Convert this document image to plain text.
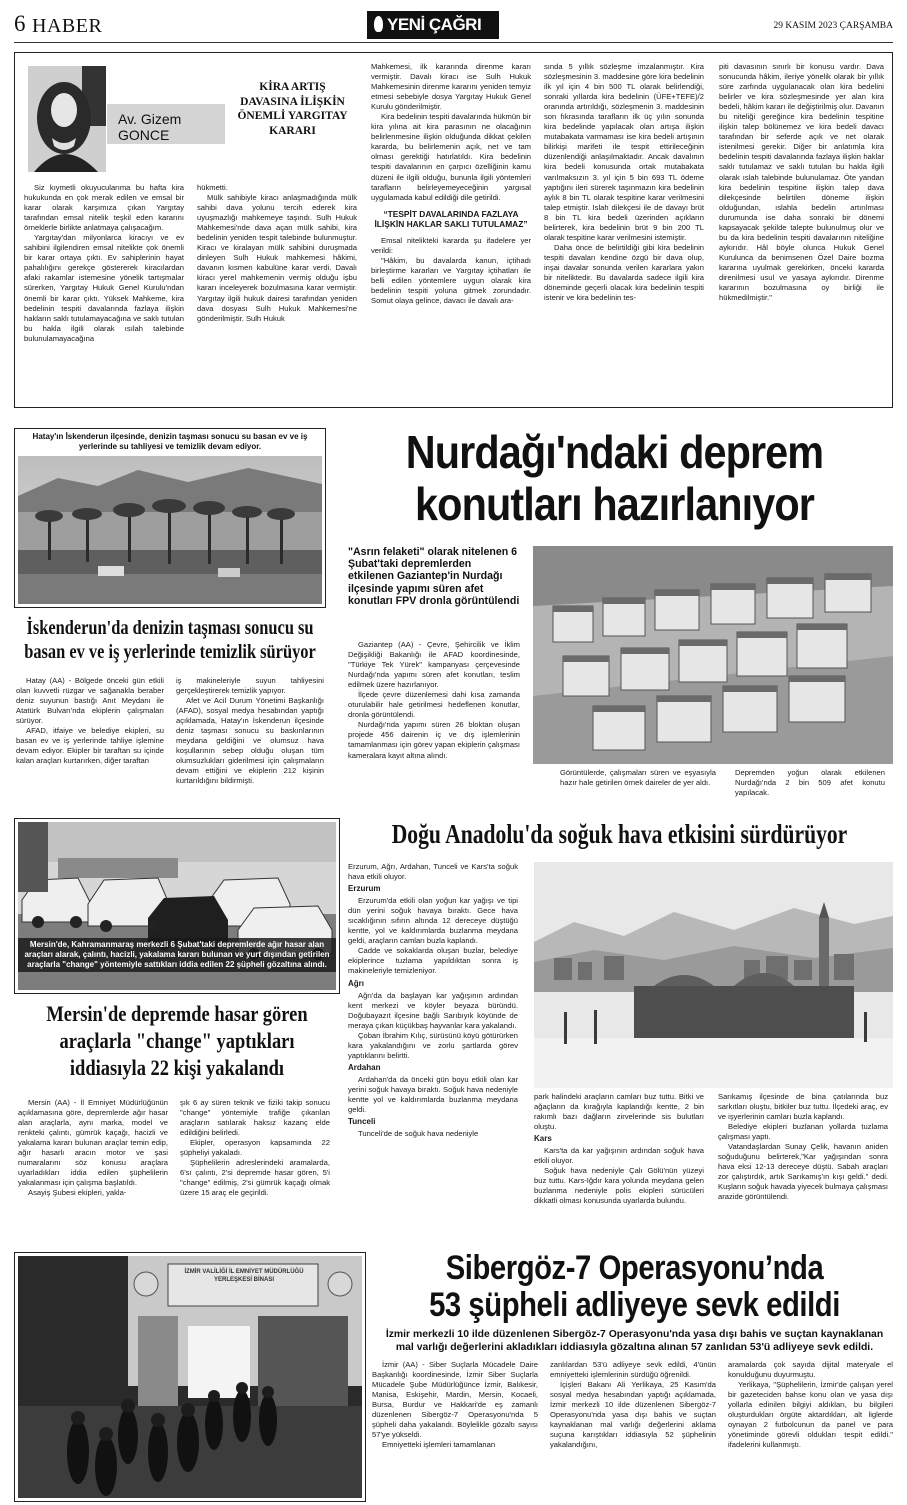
6 HABER	YENİ ÇAĞRI	29 KASIM 2023 ÇARŞAMBA
Av. Gizem
GONCE
KİRA ARTIŞ
DAVASINA İLİŞKİN
ÖNEMLİ YARGITAY
KARARI

Siz kıymetli okuyucularıma bu hafta kira hukukunda en çok merak edilen ve emsal bir karar olarak karşımıza çıkan Yargıtay tarafından emsal nitelik teşkil eden kararını örneklerle birlikte anlatmaya çalışacağım.

Yargıtay'dan milyonlarca kiracıyı ve ev sahibini ilgilendiren emsal nitelikte çok önemli bir karar ortaya çıktı. Ev sahiplerinin hayat pahalılığını gerekçe göstererek kiracılardan afaki rakamlar istemesine yönelik tartışmalar sürerken, Yargıtay Hukuk Genel Kurulu'ndan önemli bir karar çıktı. Yüksek Mahkeme, kira bedelinin tespiti davalarında fazlaya ilişkin hakların saklı tutulamayacağına ve saklı tutulan bu hakla ilgili olarak ısılah talebinde bulunulamayacağına

hükmetti.

Mülk sahibiyle kiracı anlaşmadığında mülk sahibi dava yolunu tercih ederek kira uyuşmazlığı mahkemeye taşındı. Sulh Hukuk Mahkemesi'nde dava açan mülk sahibi, kira bedelinin yeniden tespit talebinde bulunmuştur. Kiracı ve kiralayan mülk sahibini duruşmada dinleyen Sulh Hukuk mahkemesi hâkimi, davanın kısmen kabulüne karar verdi. Davalı kiracı yerel mahkemenin vermiş olduğu işbu kararı inceleyerek bozulmasına karar vermiştir. Yargıtay ilgili hukuk dairesi tarafından yeniden dava dosyası Sulh Hukuk Mahkemesi'ne gönderilmiştir. Sulh Hukuk

Mahkemesi, ilk kararında direnme kararı vermiştir. Davalı kiracı ise Sulh Hukuk Mahkemesinin direnme kararını yeniden temyiz etmesi sebebiyle dosya Yargıtay Hukuk Genel Kurulu gönderilmiştir.

Kira bedelinin tespiti davalarında hükmün bir kira yılına ait kira parasının ne olacağının belirlenmesine ilişkin olduğunda dikkat çekilen kararda, bu belirlemenin açık, net ve tam olması gerektiği hatırlatıldı. Kira bedelinin tespiti davalarının en çarpıcı özelliğinin kamu düzeni ile ilgili olduğu, bununla ilgili yöntemleri tarafların belirleyemeyeceğinin yargısal uygulamada kabul edildiği dile getirildi.

“TESPİT DAVALARINDA FAZLAYA İLİŞKİN HAKLAR SAKLI TUTULAMAZ”

Emsal nitelikteki kararda şu ifadelere yer verildi:

"Hâkim, bu davalarda kanun, içtihadı birleştirme kararları ve Yargıtay içtihatları ile belli edilen yöntemlere uygun olarak kira bedelinin tespiti yoluna gitmek zorundadır. Somut olaya gelince, davacı ile davalı ara-

sında 5 yıllık sözleşme imzalanmıştır. Kira sözleşmesinin 3. maddesine göre kira bedelinin ilk yıl için 4 bin 500 TL olarak belirlendiği, sonraki yıllarda kira bedelinin (ÜFE+TEFE)/2 oranında artırıldığı, sözleşmenin 3. maddesinin son fıkrasında tarafların ilk üç yılın sonunda kira bedelinde yapılacak olan artışa ilişkin mutabakata varmaması ise kira bedeli artışının bilirkişi marifeti ile tespit ettirileceğinin düzenlendiği anlaşılmaktadır. Ancak davalının kira bedeli konusunda ortak mutabakata varılmaksızın 3. yıl için 5 bin 693 TL ödeme yaptığını ileri sürerek taşınmazın kira bedelinin aylık 8 bin TL olarak tespitine karar verilmesini talep etmiştir. Islah dilekçesi ile de davayı brüt 8 bin TL kira bedeli üzerinden açıkların belirterek, kira bedelinin brüt 9 bin 200 TL olarak tespitine karar verilmesini istemiştir.

Daha önce de belirtildiği gibi kira bedelinin tespiti davaları kendine özgü bir dava olup, inşai davalar sonunda verilen kararlara yakın bir niteliktedir. Bu davalarda sadece ilgili kira döneminde geçerli olacak kira bedelinin tespiti istenir ve kira bedelinin tes-

piti davasının sınırlı bir konusu vardır. Dava sonucunda hâkim, ileriye yönelik olarak bir yıllık süre zarfında uygulanacak olan kira bedelini belirler ve kira sözleşmesinde yer alan kira bedeli, hâkim kararı ile değiştirilmiş olur. Davanın bu niteliği gereğince kira bedelinin tespitine ilişkin talep bölünemez ve kira bedeli davacı tarafından bir seferde açık ve net olarak istenilmesi gerekir. Diğer bir anlatımla kira bedelinin tespiti davalarında fazlaya ilişkin haklar saklı tutulamaz ve saklı tutulan bu hakla ilgili olarak ıslah talebinde bulunulamaz. Öte yandan kira bedelinin tespitine ilişkin talep dava dilekçesinde belirtilen döneme ilişkin olduğundan, ıslahla bedelin artırılması durumunda ise daha sonraki bir dönemi kapsayacak şekilde talepte bulunulmuş olur ve bu da kira bedelinin tespiti davalarının niteliğine aykırıdır. Hâl böyle olunca Hukuk Genel Kurulunca da benimsenen Özel Daire bozma kararına uyulmak gerekirken, önceki kararda direnilmesi usul ve yasaya aykırıdır. Direnme kararının bozulmasına oy birliği ile hükmedilmiştir."

Hatay'ın İskenderun ilçesinde, denizin taşması sonucu su basan ev ve iş yerlerinde su tahliyesi ve temizlik devam ediyor.
İskenderun'da denizin taşması sonucu su
basan ev ve iş yerlerinde temizlik sürüyor

Hatay (AA) - Bölgede önceki gün etkili olan kuvvetli rüzgar ve sağanakla beraber deniz suyunun bastığı Anıt Meydanı ile Atatürk Bulvarı'nda ekiplerin çalışmaları sürüyor.

AFAD, itfaiye ve belediye ekipleri, su basan ev ve iş yerlerinde tahliye işlemine devam ediyor. Ekipler bir taraftan su içinde kalan araçları kurtarırken, diğer taraftan

iş makineleriyle suyun tahliyesini gerçekleştirerek temizlik yapıyor.

Afet ve Acil Durum Yönetimi Başkanlığı (AFAD), sosyal medya hesabından yaptığı açıklamada, Hatay'ın İskenderun ilçesinde deniz taşması sonucu su baskınlarının meydana geldiğini ve olumsuz hava koşullarının sebep olduğu oluşan tüm olumsuzlukları giderilmesi için çalışmaların devam ettiğini ve ekiplerin 212 kişinin kurtarıldığını bildirmişti.

Nurdağı'ndaki deprem
konutları hazırlanıyor
"Asrın felaketi" olarak nitelenen 6 Şubat'taki depremlerden etkilenen Gaziantep'in Nurdağı ilçesinde yapımı süren afet konutları FPV dronla görüntülendi

Gaziantep (AA) - Çevre, Şehircilik ve İklim Değişikliği Bakanlığı ile AFAD koordinesinde, "Türkiye Tek Yürek" kampanyası çerçevesinde Nurdağı'nda yapımı süren afet konutları, teslim edilmek üzere hazırlanıyor.

İlçede çevre düzenlemesi dahi kısa zamanda oturulabilir hale getirilmesi hedeflenen konutlar, dronla görüntülendi.

Nurdağı'nda yapımı süren 26 bloktan oluşan projede 456 dairenin iç ve dış işlemlerinin tamamlanması için görev yapan ekiplerin çalışması kameralara kayıt altına alındı.

Görüntülerde, çalışmaları süren ve eşyasıyla hazır hale getirilen örnek daireler de yer aldı.

Depremden yoğun olarak etkilenen Nurdağı'nda 2 bin 509 afet konutu yapılacak.

Mersin'de, Kahramanmaraş merkezli 6 Şubat'taki depremlerde ağır hasar alan araçları alarak, çalıntı, hacizli, yakalama kararı bulunan ve yurt dışından getirilen araçlarla "change" yöntemiyle sattıkları iddia edilen 22 şüpheli gözaltına alındı.
Mersin'de depremde hasar gören
araçlarla "change" yaptıkları
iddiasıyla 22 kişi yakalandı

Mersin (AA) - İl Emniyet Müdürlüğünün açıklamasına göre, depremlerde ağır hasar alan araçlarla, aynı marka, model ve renkteki çalıntı, gümrük kaçağı, hacizli ve yakalama kararı bulunan araçlar temin edip, ağır hasarlı aracın motor ve şasi numaralarını söz konusu araçlara uyarladıkları iddia edilen şüphelilerin yakalanması için çalışma başlatıldı.

Asayiş Şubesi ekipleri, yakla-

şık 6 ay süren teknik ve fiziki takip sonucu "change" yöntemiyle trafiğe çıkarılan araçların satılarak haksız kazanç elde edildiğini belirledi.

Ekipler, operasyon kapsamında 22 şüpheliyi yakaladı.

Şüphelilerin adreslerindeki aramalarda, 6'sı çalıntı, 2'si depremde hasar gören, 5'i "change" edilmiş, 2'si gümrük kaçağı olmak üzere 15 araç ele geçirildi.

Doğu Anadolu'da soğuk hava etkisini sürdürüyor

Erzurum, Ağrı, Ardahan, Tunceli ve Kars'ta soğuk hava etkili oluyor.

Erzurum

Erzurum'da etkili olan yoğun kar yağışı ve tipi dün yerini soğuk havaya bıraktı. Gece hava sıcaklığının sıfırın altında 12 dereceye düştüğü kentte, yol ve kaldırımlarda buzlanma meydana geldi, araçların camları buzla kaplandı.

Cadde ve sokaklarda oluşan buzlar, belediye ekiplerince tuzlama yapıldıktan sonra iş makineleriyle temizleniyor.

Ağrı

Ağrı'da da başlayan kar yağışının ardından kent merkezi ve köyler beyaza büründü. Doğubayazıt ilçesine bağlı Sarıbıyık köyünde de meraya çıkan küçükbaş hayvanlar kara yakalandı.

Çoban İbrahim Kılıç, sürüsünü köyü götürürken kara yakalandığını ve zorlu şartlarda görev yaptıklarını belirtti.

Ardahan

Ardahan'da da önceki gün boyu etkili olan kar yerini soğuk havaya bıraktı. Soğuk hava nedeniyle kentte yol ve kaldırımlarda buzlanma meydana geldi.

Tunceli

Tunceli'de de soğuk hava nedeniyle

park halindeki araçların camları buz tuttu. Bitki ve ağaçların da kırağıyla kaplandığı kentte, 2 bin rakımlı bazı dağların zirvelerinde sis bulutları oluştu.

Kars

Kars'ta da kar yağışının ardından soğuk hava etkili oluyor.

Soğuk hava nedeniyle Çalı Gölü'nün yüzeyi buz tuttu. Kars-Iğdır kara yolunda meydana gelen buzlanma nedeniyle polis ekipleri sürücüleri dikkatli olması konusunda uyarlarda bulundu.

Sarıkamış ilçesinde de bina çatılarında buz sarkıtları oluştu, bitkiler buz tuttu. İlçedeki araç, ev ve işyerlerinin camları buzla kaplandı.

Belediye ekipleri buzlanan yollarda tuzlama çalışması yaptı.

Vatandaşlardan Sunay Çelik, havanın aniden soğuduğunu belirterek,"Kar yağışından sonra hava eksi 12-13 dereceye düştü. Sabah araçları zor çalıştırdık, artık Sarıkamış'ın kışı geldi." dedi. Kuşların soğuk havada yiyecek bulmaya çalışması arazide görüntülendi.

İZMİR VALİLİĞİ İL EMNİYET MÜDÜRLÜĞÜ YERLEŞKESİ BİNASI	Sibergöz-7 Operasyonu’nda
53 şüpheli adliyeye sevk edildi
İzmir merkezli 10 ilde düzenlenen Sibergöz-7 Operasyonu'nda yasa dışı bahis ve suçtan kaynaklanan mal varlığı değerlerini akladıkları iddiasıyla gözaltına alınan 57 zanlıdan 53'ü adliyeye sevk edildi.

İzmir (AA) - Siber Suçlarla Mücadele Daire Başkanlığı koordinesinde, İzmir Siber Suçlarla Mücadele Şube Müdürlüğünce İzmir, Balıkesir, Manisa, Eskişehir, Mardin, Mersin, Kocaeli, Bursa, Burdur ve Hakkari'de eş zamanlı düzenlenen Sibergöz-7 Operasyonu'nda 5 şüpheli daha yakalandı. Böylelikle gözaltı sayısı 57'ye yükseldi.

Emniyetteki işlemleri tamamlanan

zanlılardan 53'ü adliyeye sevk edildi, 4'ünün emniyetteki işlemlerinin sürdüğü öğrenildi.

İçişleri Bakanı Ali Yerlikaya, 25 Kasım'da sosyal medya hesabından yaptığı açıklamada, İzmir merkezli 10 ilde düzenlenen Sibergöz-7 Operasyonu'nda yasa dışı bahis ve suçtan kaynaklanan mal varlığı değerlerini aklama suçuna karıştıkları iddiasıyla 52 şüphelinin yakalandığını,

aramalarda çok sayıda dijital materyale el konulduğunu duyurmuştu.

Yerlikaya, "Şüphelilerin, İzmir'de çalışan yerel bir gazeteciden bahse konu olan ve yasa dışı yollarla edinilen bilgiyi aldıkları, bu bilgileri oluşturdukları örgüte aktardıkları, alt liglerde oynayan 2 futbolcunun da panel ve para yönetiminde görevli oldukları tespit edildi." ifadelerini kullanmıştı.
